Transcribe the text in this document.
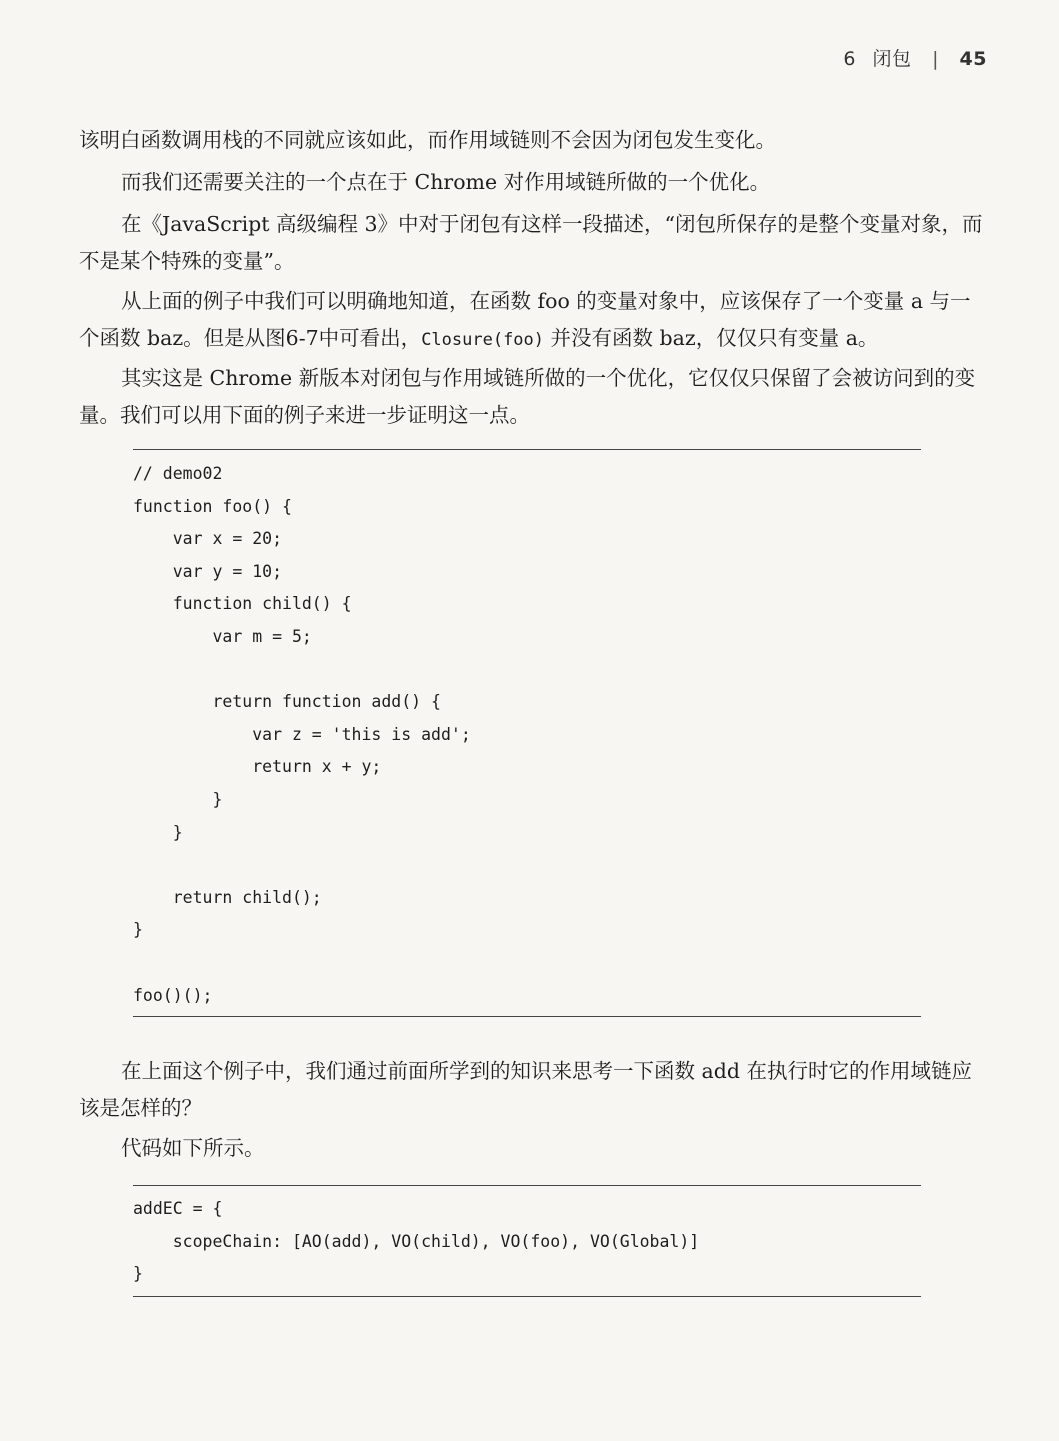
6 闭包 | 45

该明白函数调用栈的不同就应该如此，而作用域链则不会因为闭包发生变化。

而我们还需要关注的一个点在于 Chrome 对作用域链所做的一个优化。

在《JavaScript 高级编程 3》中对于闭包有这样一段描述，“闭包所保存的是整个变量对象，而不是某个特殊的变量”。

从上面的例子中我们可以明确地知道，在函数 foo 的变量对象中，应该保存了一个变量 a 与一个函数 baz。但是从图6-7中可看出，Closure(foo) 并没有函数 baz，仅仅只有变量 a。

其实这是 Chrome 新版本对闭包与作用域链所做的一个优化，它仅仅只保留了会被访问到的变量。我们可以用下面的例子来进一步证明这一点。

// demo02
function foo() {
var x = 20;
var y = 10;
function child() {
var m = 5;
return function add() {
var z = 'this is add';
return x + y;
}
}
return child();
}
foo()();

在上面这个例子中，我们通过前面所学到的知识来思考一下函数 add 在执行时它的作用域链应该是怎样的？

代码如下所示。

addEC = {
scopeChain: [AO(add), VO(child), VO(foo), VO(Global)]
}
